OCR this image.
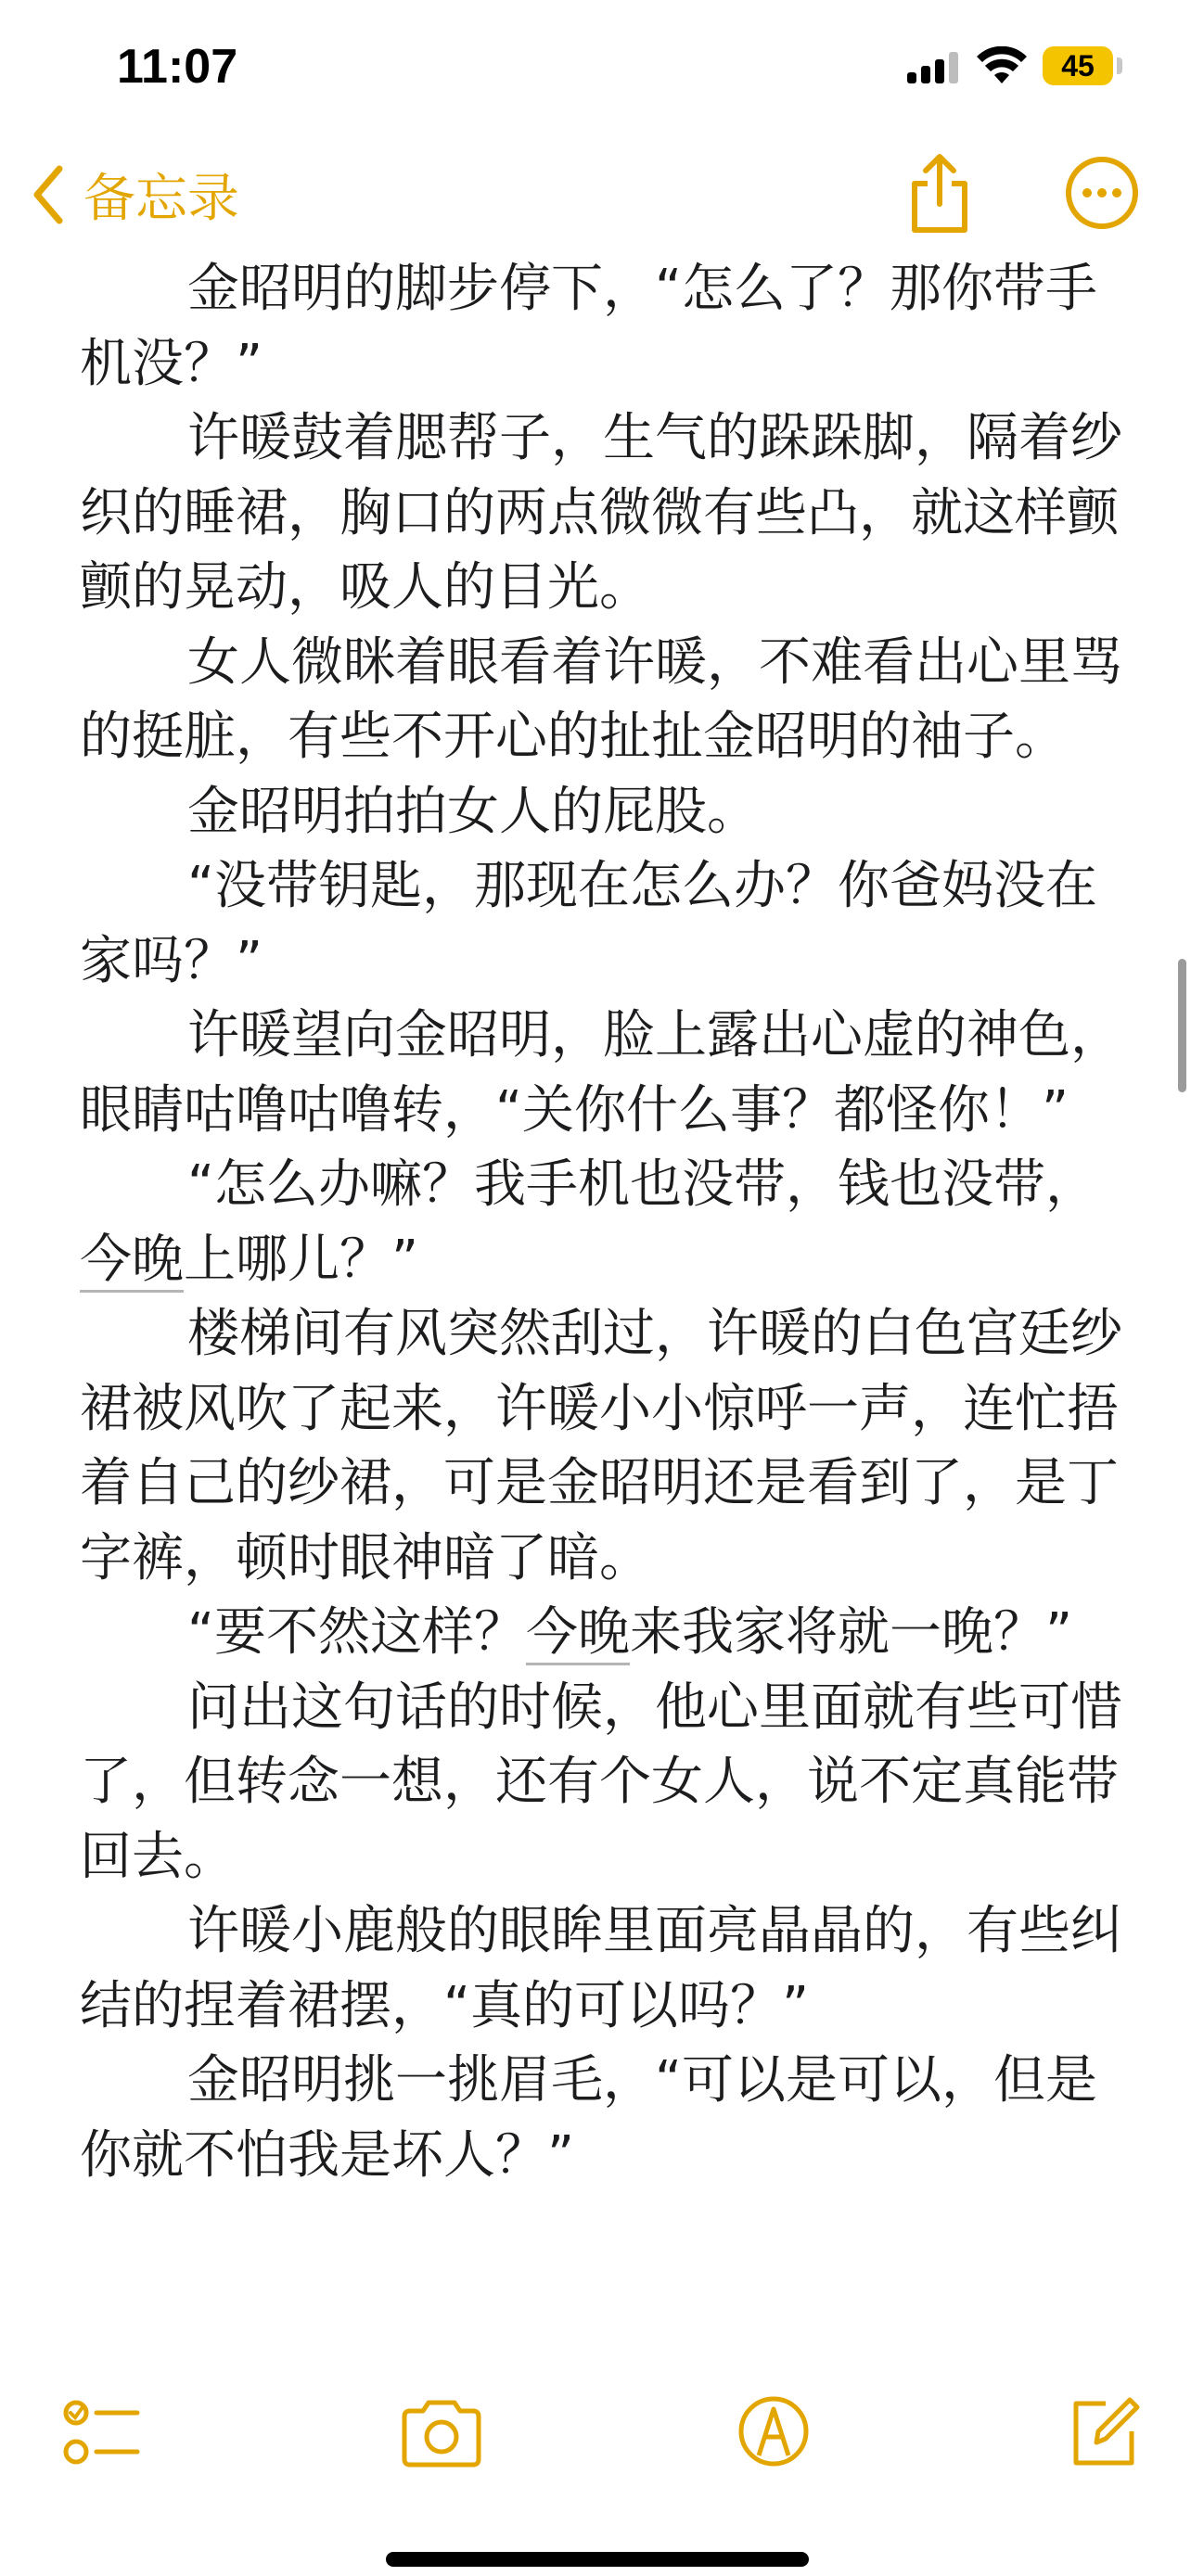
11:07	45
备忘录

金昭明的脚步停下，“怎么了？那你带手机没？”

许暖鼓着腮帮子，生气的跺跺脚，隔着纱织的睡裙，胸口的两点微微有些凸，就这样颤颤的晃动，吸人的目光。

女人微眯着眼看着许暖，不难看出心里骂的挺脏，有些不开心的扯扯金昭明的袖子。

金昭明拍拍女人的屁股。

“没带钥匙，那现在怎么办？你爸妈没在家吗？”

许暖望向金昭明，脸上露出心虚的神色，眼睛咕噜咕噜转，“关你什么事？都怪你！”

“怎么办嘛？我手机也没带，钱也没带，今晚上哪儿？”

楼梯间有风突然刮过，许暖的白色宫廷纱裙被风吹了起来，许暖小小惊呼一声，连忙捂着自己的纱裙，可是金昭明还是看到了，是丁字裤，顿时眼神暗了暗。

“要不然这样？今晚来我家将就一晚？”

问出这句话的时候，他心里面就有些可惜了，但转念一想，还有个女人，说不定真能带回去。

许暖小鹿般的眼眸里面亮晶晶的，有些纠结的捏着裙摆，“真的可以吗？”

金昭明挑一挑眉毛，“可以是可以，但是你就不怕我是坏人？”
